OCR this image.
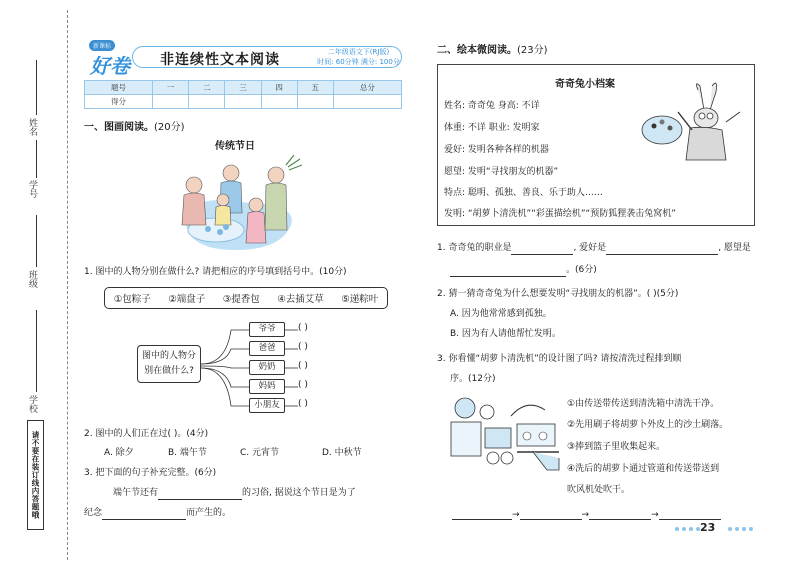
姓名
学号
班级
学校
请不要在装订线内答题哦
新课标
好卷 非连续性文本阅读	二年级语文下(RJ版)
时间: 60分钟 满分: 100分
题号	一	二	三	四	五	总分
得分						
一、图画阅读。(20分)
传统节日
1. 图中的人物分别在做什么? 请把相应的序号填到括号中。(10分)
①包粽子 ②端盘子 ③提香包 ④去插艾草 ⑤递粽叶
图中的人物分别在做什么?
爷爷
爸爸
奶奶
妈妈
小朋友
( )
( )
( )
( )
( )
2. 图中的人们正在过( )。(4分)
A. 除夕	B. 端午节	C. 元宵节	D. 中秋节
3. 把下面的句子补充完整。(6分)
端午节还有	的习俗, 据说这个节日是为了
纪念	而产生的。
二、绘本微阅读。(23分)
奇奇兔小档案
姓名: 奇奇兔 身高: 不详
体重: 不详 职业: 发明家
爱好: 发明各种各样的机器
愿望: 发明“寻找朋友的机器”
特点: 聪明、孤独、善良、乐于助人……
发明: “胡萝卜清洗机”“彩蛋描绘机”“预防狐狸袭击兔窝机”
1. 奇奇兔的职业是	, 爱好是	, 愿望是
。(6分)
2. 猜一猜奇奇兔为什么想要发明“寻找朋友的机器”。( )(5分)
A. 因为他常常感到孤独。
B. 因为有人请他帮忙发明。
3. 你看懂“胡萝卜清洗机”的设计图了吗? 请按清洗过程排到顺
序。(12分)
①由传送带传送到清洗箱中清洗干净。
②先用刷子将胡萝卜外皮上的沙土刷落。
③捧到篮子里收集起来。
④洗后的胡萝卜通过管道和传送带送到
吹风机处吹干。
→	→	→
23
